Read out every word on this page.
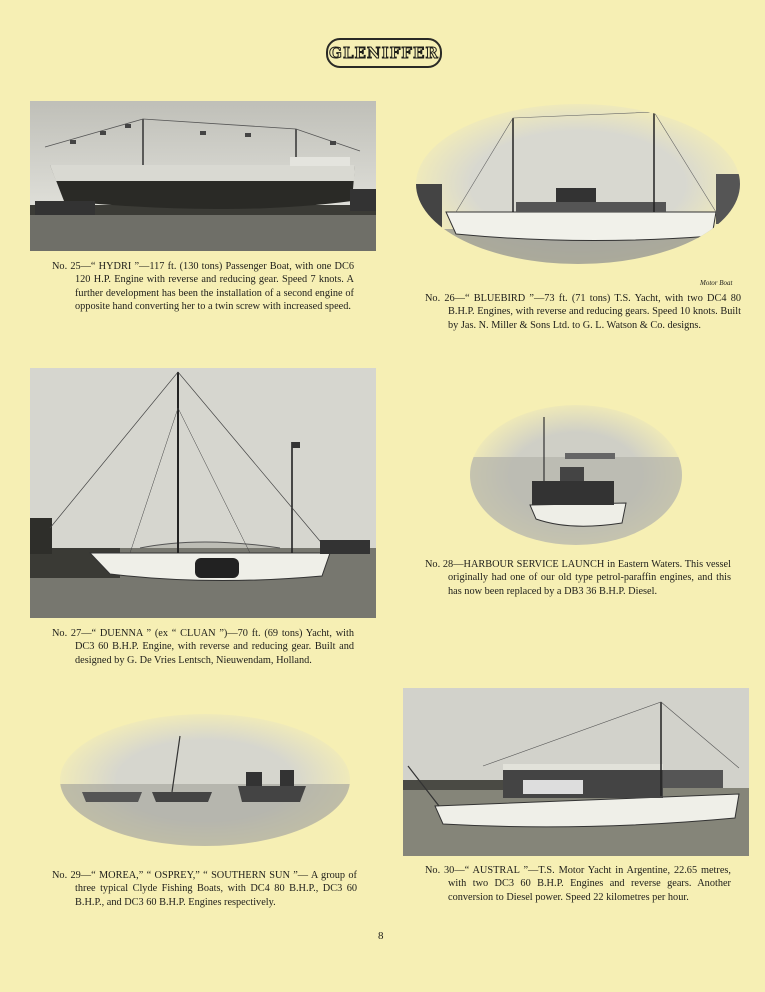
GLENIFFER

No. 25—“ HYDRI ”—117 ft. (130 tons) Passenger Boat, with one DC6 120 H.P. Engine with reverse and reducing gear. Speed 7 knots. A further development has been the installation of a second engine of opposite hand converting her to a twin screw with increased speed.

Motor Boat

No. 26—“ BLUEBIRD ”—73 ft. (71 tons) T.S. Yacht, with two DC4 80 B.H.P. Engines, with reverse and reducing gears. Speed 10 knots. Built by Jas. N. Miller & Sons Ltd. to G. L. Watson & Co. designs.

No. 27—“ DUENNA ” (ex “ CLUAN ”)—70 ft. (69 tons) Yacht, with DC3 60 B.H.P. Engine, with reverse and reducing gear. Built and designed by G. De Vries Lentsch, Nieuwendam, Holland.

No. 28—HARBOUR SERVICE LAUNCH in Eastern Waters. This vessel originally had one of our old type petrol-paraffin engines, and this has now been replaced by a DB3 36 B.H.P. Diesel.

No. 29—“ MOREA,” “ OSPREY,” “ SOUTHERN SUN ”— A group of three typical Clyde Fishing Boats, with DC4 80 B.H.P., DC3 60 B.H.P., and DC3 60 B.H.P. Engines respectively.

No. 30—“ AUSTRAL ”—T.S. Motor Yacht in Argentine, 22.65 metres, with two DC3 60 B.H.P. Engines and reverse gears. Another conversion to Diesel power. Speed 22 kilometres per hour.

8
